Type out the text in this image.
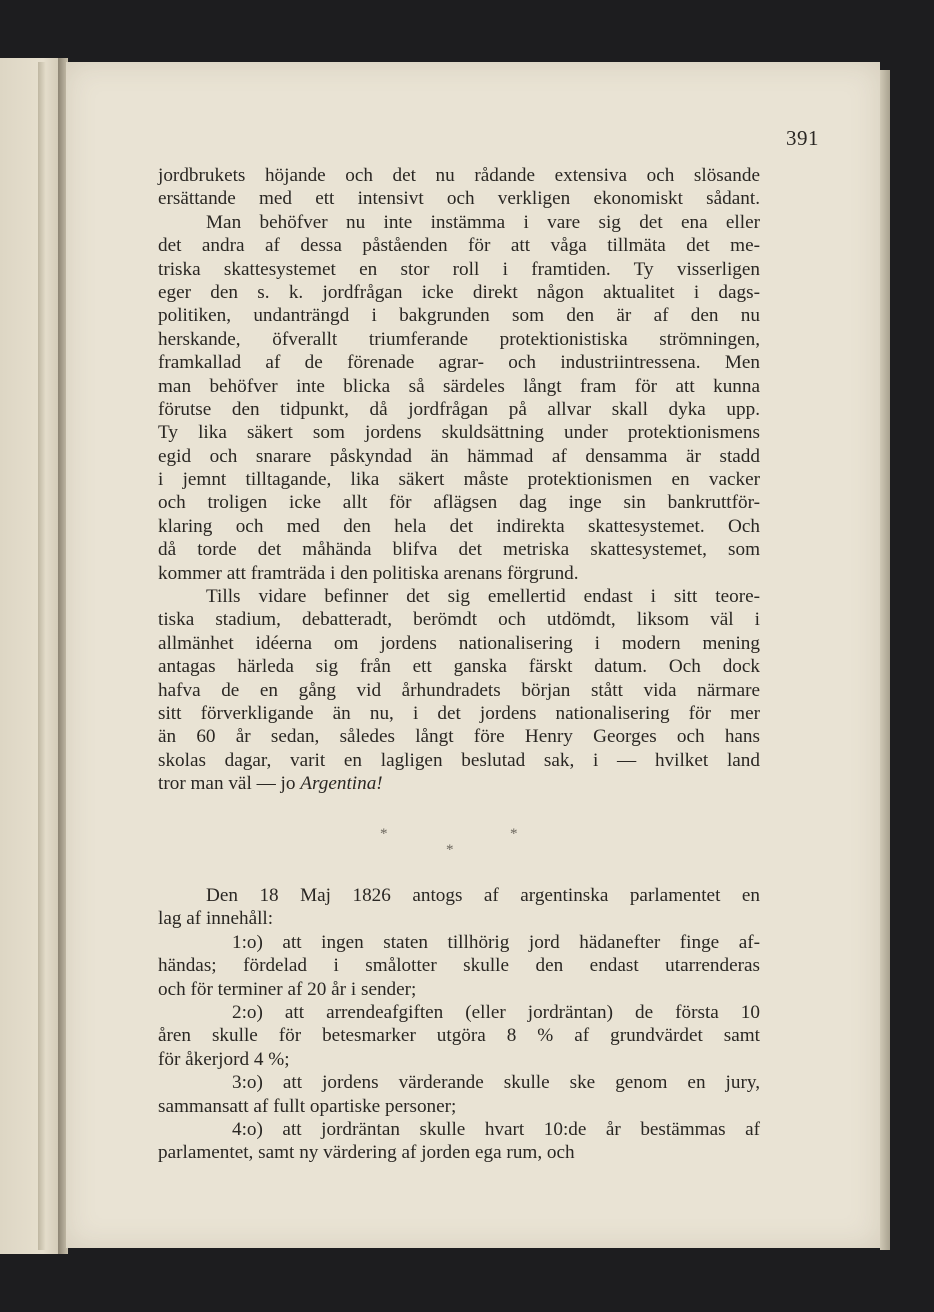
391
jordbrukets höjande och det nu rådande extensiva och slösande
ersättande med ett intensivt och verkligen ekonomiskt sådant.
Man behöfver nu inte instämma i vare sig det ena eller
det andra af dessa påståenden för att våga tillmäta det me-
triska skattesystemet en stor roll i framtiden. Ty visserligen
eger den s. k. jordfrågan icke direkt någon aktualitet i dags-
politiken, undanträngd i bakgrunden som den är af den nu
herskande, öfverallt triumferande protektionistiska strömningen,
framkallad af de förenade agrar- och industriintressena. Men
man behöfver inte blicka så särdeles långt fram för att kunna
förutse den tidpunkt, då jordfrågan på allvar skall dyka upp.
Ty lika säkert som jordens skuldsättning under protektionismens
egid och snarare påskyndad än hämmad af densamma är stadd
i jemnt tilltagande, lika säkert måste protektionismen en vacker
och troligen icke allt för aflägsen dag inge sin bankruttför-
klaring och med den hela det indirekta skattesystemet. Och
då torde det måhända blifva det metriska skattesystemet, som
kommer att framträda i den politiska arenans förgrund.
Tills vidare befinner det sig emellertid endast i sitt teore-
tiska stadium, debatteradt, berömdt och utdömdt, liksom väl i
allmänhet idéerna om jordens nationalisering i modern mening
antagas härleda sig från ett ganska färskt datum. Och dock
hafva de en gång vid århundradets början stått vida närmare
sitt förverkligande än nu, i det jordens nationalisering för mer
än 60 år sedan, således långt före Henry Georges och hans
skolas dagar, varit en lagligen beslutad sak, i — hvilket land
tror man väl — jo Argentina!
*	*
*
Den 18 Maj 1826 antogs af argentinska parlamentet en
lag af innehåll:
1:o) att ingen staten tillhörig jord hädanefter finge af-
händas; fördelad i smålotter skulle den endast utarrenderas
och för terminer af 20 år i sender;
2:o) att arrendeafgiften (eller jordräntan) de första 10
åren skulle för betesmarker utgöra 8 % af grundvärdet samt
för åkerjord 4 %;
3:o) att jordens värderande skulle ske genom en jury,
sammansatt af fullt opartiske personer;
4:o) att jordräntan skulle hvart 10:de år bestämmas af
parlamentet, samt ny värdering af jorden ega rum, och
